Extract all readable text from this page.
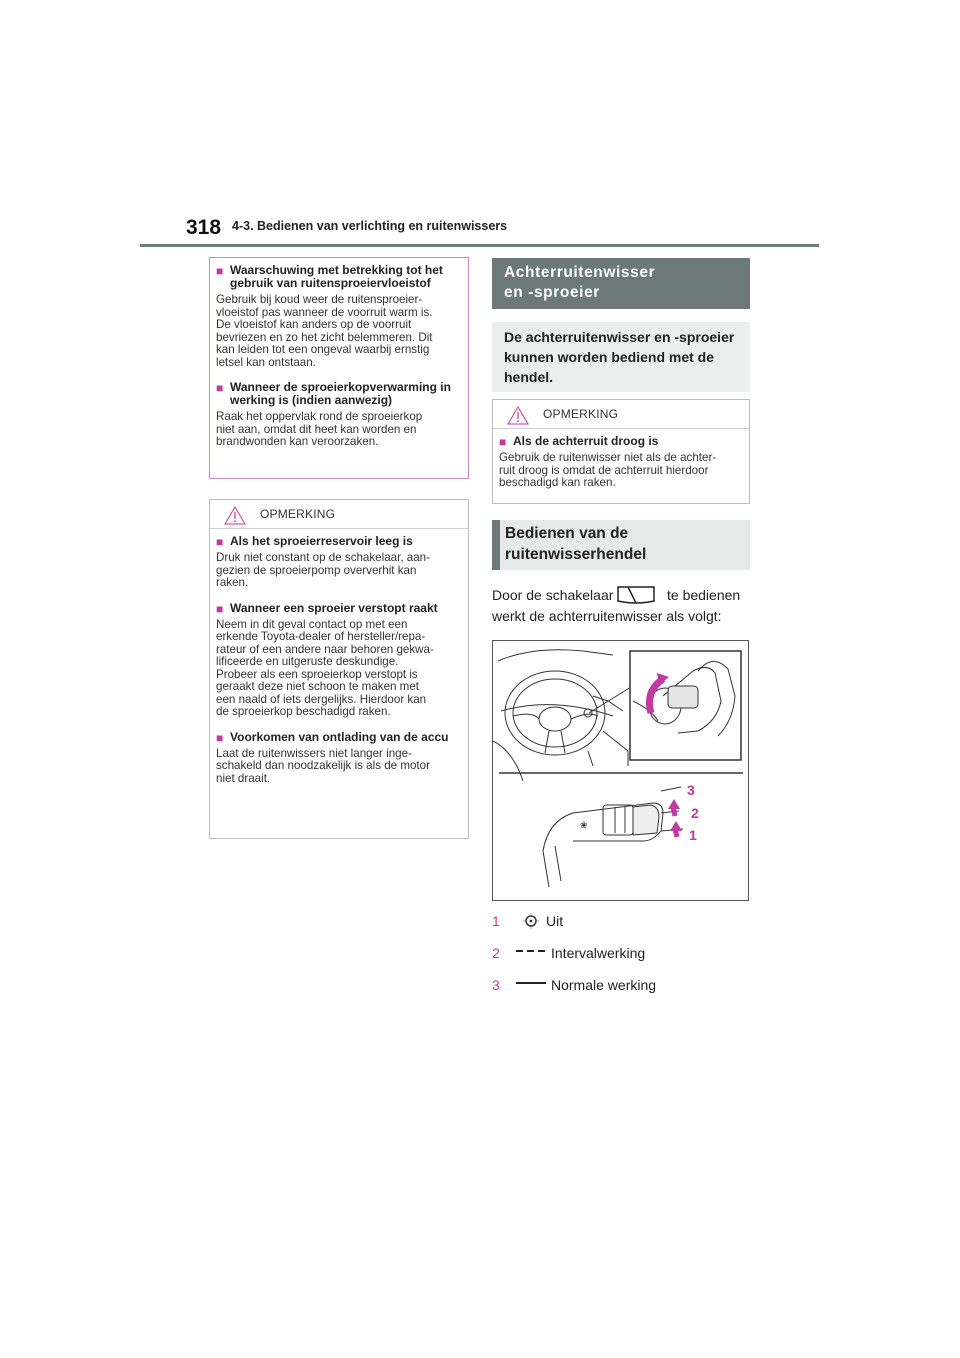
318 4-3. Bedienen van verlichting en ruitenwissers
■ Waarschuwing met betrekking tot het gebruik van ruitensproeiervloeistof
Gebruik bij koud weer de ruitensproeier-
vloeistof pas wanneer de voorruit warm is.
De vloeistof kan anders op de voorruit
bevriezen en zo het zicht belemmeren. Dit
kan leiden tot een ongeval waarbij ernstig
letsel kan ontstaan.
■ Wanneer de sproeierkopverwarming in werking is (indien aanwezig)
Raak het oppervlak rond de sproeierkop
niet aan, omdat dit heet kan worden en
brandwonden kan veroorzaken.
OPMERKING
■ Als het sproeierreservoir leeg is
Druk niet constant op de schakelaar, aan-
gezien de sproeierpomp oververhit kan
raken.
■ Wanneer een sproeier verstopt raakt
Neem in dit geval contact op met een
erkende Toyota-dealer of hersteller/repa-
rateur of een andere naar behoren gekwa-
lificeerde en uitgeruste deskundige.
Probeer als een sproeierkop verstopt is
geraakt deze niet schoon te maken met
een naald of iets dergelijks. Hierdoor kan
de sproeierkop beschadigd raken.
■ Voorkomen van ontlading van de accu
Laat de ruitenwissers niet langer inge-
schakeld dan noodzakelijk is als de motor
niet draait.
Achterruitenwisser
en -sproeier
De achterruitenwisser en -sproeier
kunnen worden bediend met de
hendel.
OPMERKING
■ Als de achterruit droog is
Gebruik de ruitenwisser niet als de achter-
ruit droog is omdat de achterruit hierdoor
beschadigd kan raken.
Bedienen van de
ruitenwisserhendel
Door de schakelaar	te bedienen
werkt de achterruitenwisser als volgt:
❀
3
2
1
1	Uit
2	Intervalwerking
3	Normale werking
